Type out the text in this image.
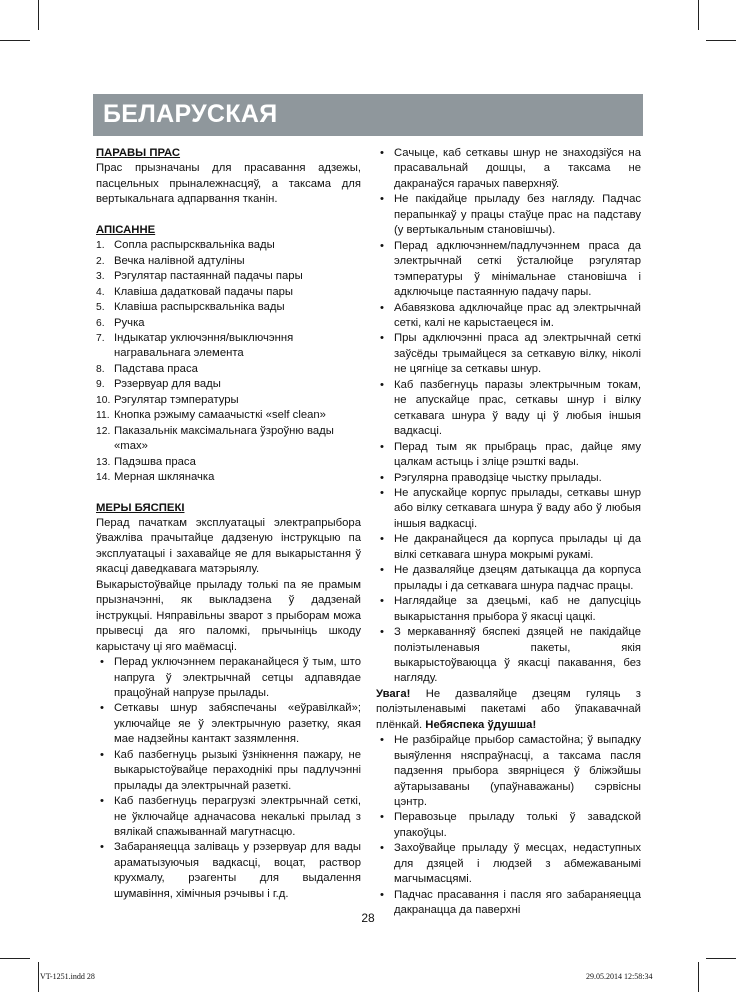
БЕЛАРУСКАЯ

ПАРАВЫ ПРАС

Прас прызначаны для прасавання адзежы, пасцельных прыналежнасцяў, а таксама для вертыкальнага адпарвання тканін.

АПІСАННЕ

1. Сопла распырсквальніка вады
2. Вечка налівной адтуліны
3. Рэгулятар пастаяннай падачы пары
4. Клавіша дадатковай падачы пары
5. Клавіша распырсквальніка вады
6. Ручка
7. Індыкатар уключэння/выключэння награвальнага элемента
8. Падстава праса
9. Рэзервуар для вады
10. Рэгулятар тэмпературы
11. Кнопка рэжыму самаачысткі «self clean»
12. Паказальнік максімальнага ўзроўню вады «max»
13. Падэшва праса
14. Мерная шкляначка

МЕРЫ БЯСПЕКІ

Перад пачаткам эксплуатацыі электрапрыбора ўважліва прачытайце дадзеную інструкцыю па эксплуатацыі і захавайце яе для выкарыстання ў якасці даведкавага матэрыялу.

Выкарыстоўвайце прыладу толькі па яе прамым прызначэнні, як выкладзена ў дадзенай інструкцыі. Няправільны зварот з прыборам можа прывесці да яго паломкі, прычыніць шкоду карыстачу ці яго маёмасці.

• Перад уключэннем пераканайцеся ў тым, што напруга ў электрычнай сетцы адпавядае працоўнай напрузе прылады.
• Сеткавы шнур забяспечаны «еўравілкай»; уключайце яе ў электрычную разетку, якая мае надзейны кантакт зазямлення.
• Каб пазбегнуць рызыкі ўзнікнення пажару, не выкарыстоўвайце пераходнікі пры падлучэнні прылады да электрычнай разеткі.
• Каб пазбегнуць перагрузкі электрычнай сеткі, не ўключайце адначасова некалькі прылад з вялікай спажываннай магутнасцю.
• Забараняецца заліваць у рэзервуар для вады араматызуючыя вадкасці, воцат, раствор крухмалу, рэагенты для выдалення шумавіння, хімічныя рэчывы і г.д.
• Сачыце, каб сеткавы шнур не знаходзіўся на прасавальнай дошцы, а таксама не дакранаўся гарачых паверхняў.
• Не пакідайце прыладу без нагляду. Падчас перапынкаў у працы стаўце прас на падставу (у вертыкальным становішчы).
• Перад адключэннем/падлучэннем праса да электрычнай сеткі ўсталюйце рэгулятар тэмпературы ў мінімальнае становішча і адключыце пастаянную падачу пары.
• Абавязкова адключайце прас ад электрычнай сеткі, калі не карыстаецеся ім.
• Пры адключэнні праса ад электрычнай сеткі заўсёды трымайцеся за сеткавую вілку, ніколі не цягніце за сеткавы шнур.
• Каб пазбегнуць паразы электрычным токам, не апускайце прас, сеткавы шнур і вілку сеткавага шнура ў ваду ці ў любыя іншыя вадкасці.
• Перад тым як прыбраць прас, дайце яму цалкам астыць і зліце рэшткі вады.
• Рэгулярна праводзіце чыстку прылады.
• Не апускайце корпус прылады, сеткавы шнур або вілку сеткавага шнура ў ваду або ў любыя іншыя вадкасці.
• Не дакранайцеся да корпуса прылады ці да вілкі сеткавага шнура мокрымі рукамі.
• Не дазваляйце дзецям датыкацца да корпуса прылады і да сеткавага шнура падчас працы.
• Наглядайце за дзецьмі, каб не дапусціць выкарыстання прыбора ў якасці цацкі.
• З меркаванняў бяспекі дзяцей не пакідайце поліэтыленавыя пакеты, якія выкарыстоўваюцца ў якасці пакавання, без нагляду.

Увага! Не дазваляйце дзецям гуляць з поліэтыленавымі пакетамі або ўпакавачнай плёнкай. Небяспека ўдушша!

• Не разбірайце прыбор самастойна; ў выпадку выяўлення няспраўнасці, а таксама пасля падзення прыбора звярніцеся ў бліжэйшы аўтарызаваны (упаўнаважаны) сэрвісны цэнтр.
• Перавозьце прыладу толькі ў завадской упакоўцы.
• Захоўвайце прыладу ў месцах, недаступных для дзяцей і людзей з абмежаванымі магчымасцямі.
• Падчас прасавання і пасля яго забараняецца дакранацца да паверхні
28
VT-1251.indd 28	29.05.2014 12:58:34
